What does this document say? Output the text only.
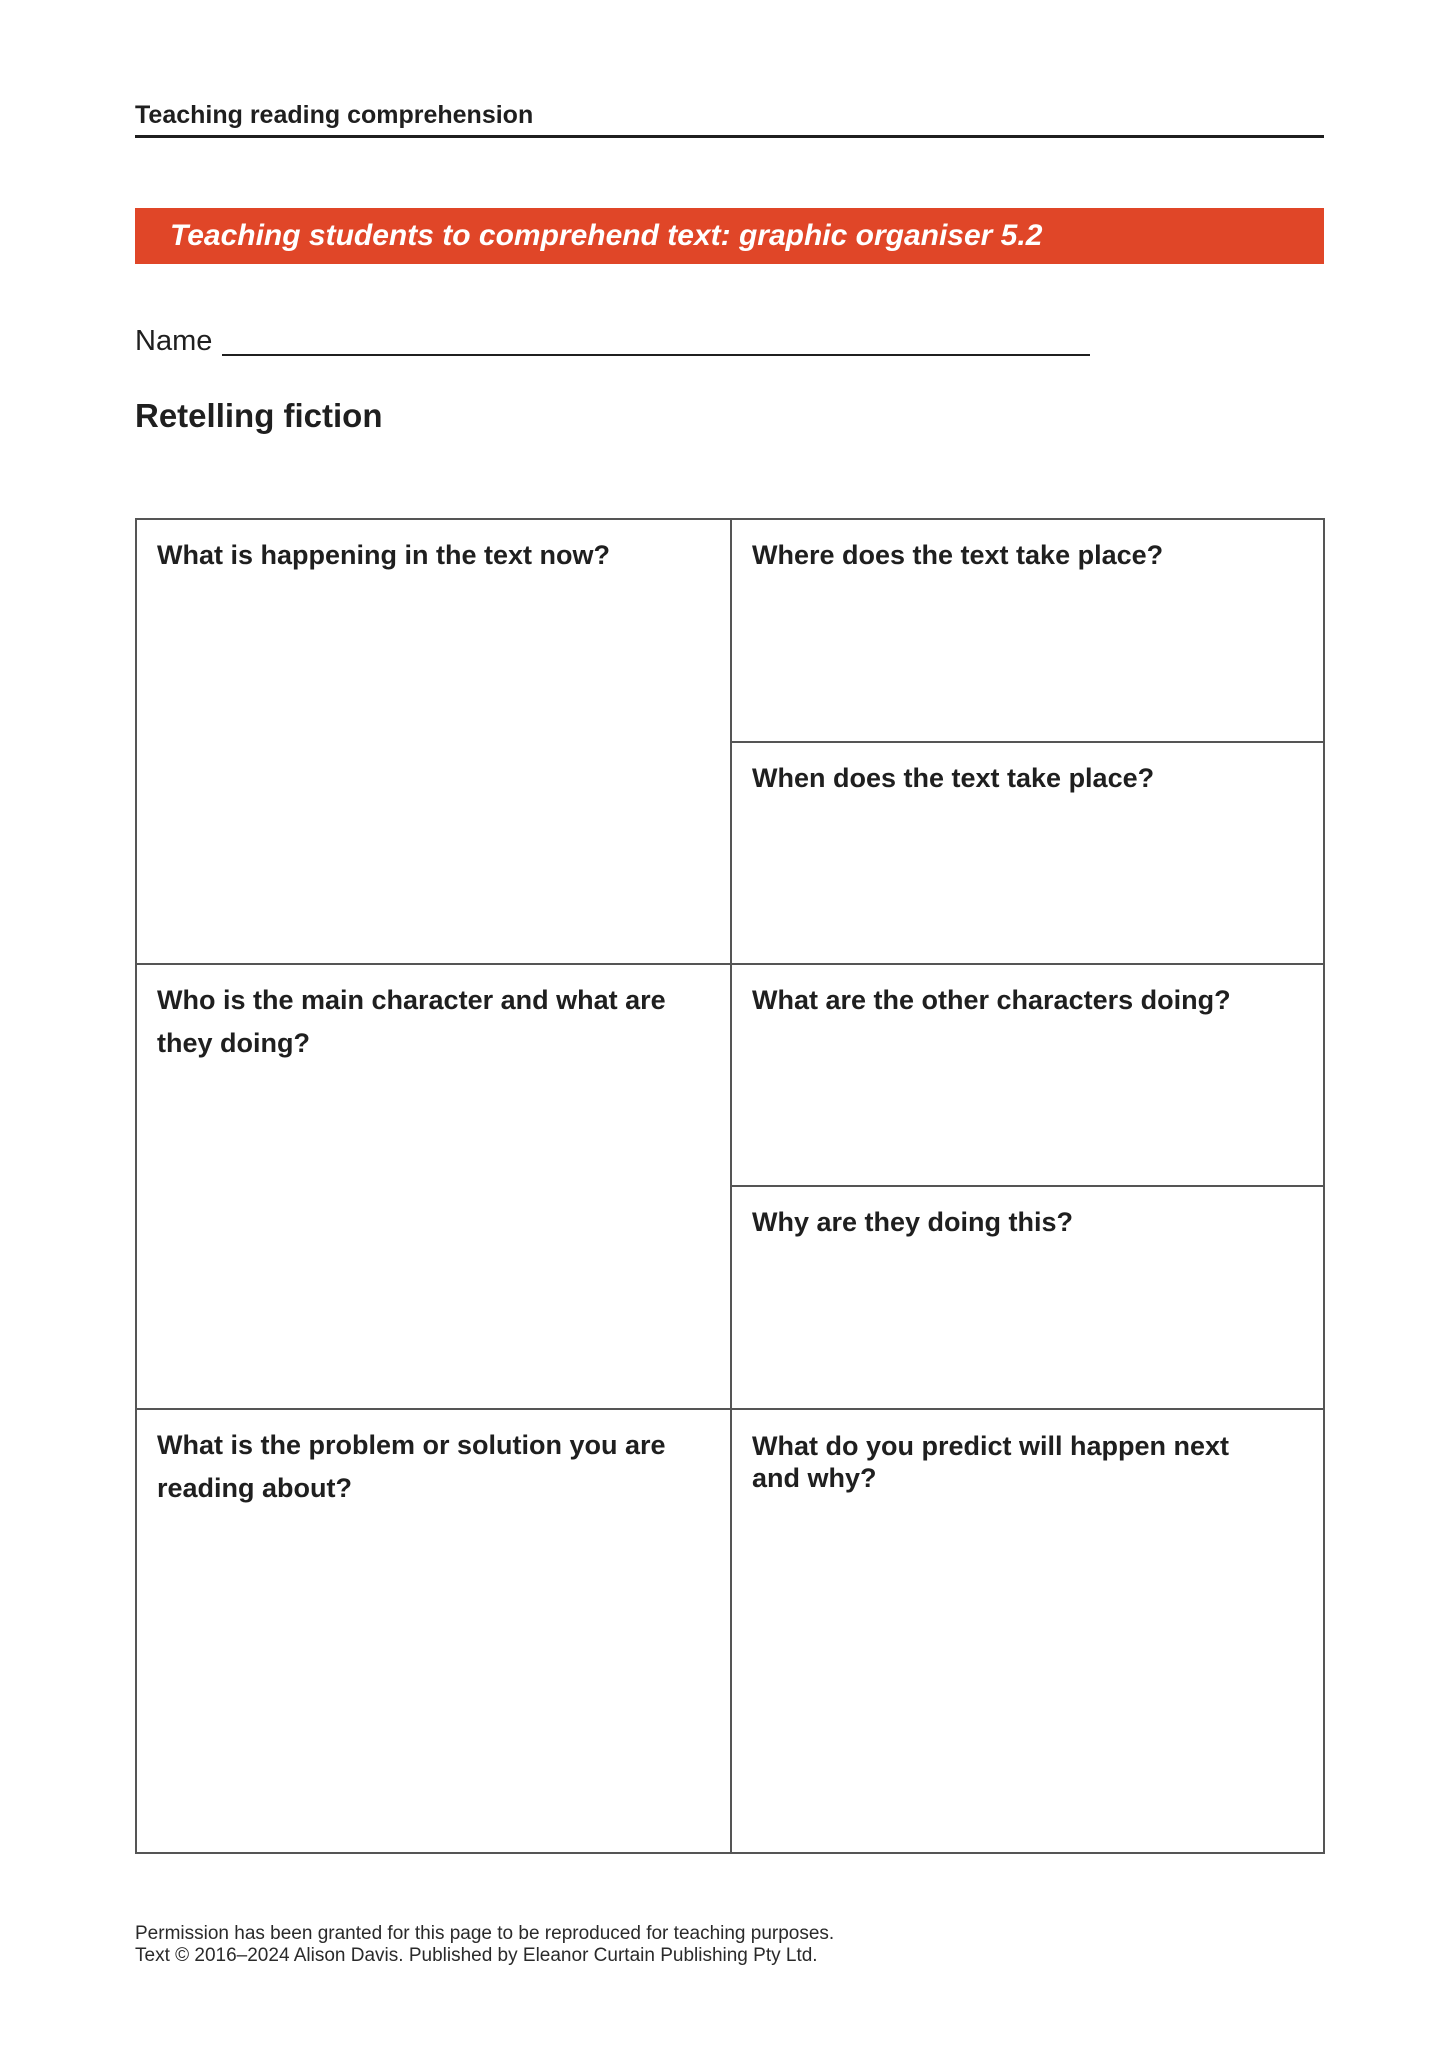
Teaching reading comprehension
Teaching students to comprehend text: graphic organiser 5.2
Name
Retelling fiction
What is happening in the text now?	Where does the text take place?
When does the text take place?
Who is the main character and what are they doing?
What are the other characters doing?
Why are they doing this?
What is the problem or solution you are reading about?
What do you predict will happen next and why?
Permission has been granted for this page to be reproduced for teaching purposes.
Text © 2016–2024 Alison Davis. Published by Eleanor Curtain Publishing Pty Ltd.
